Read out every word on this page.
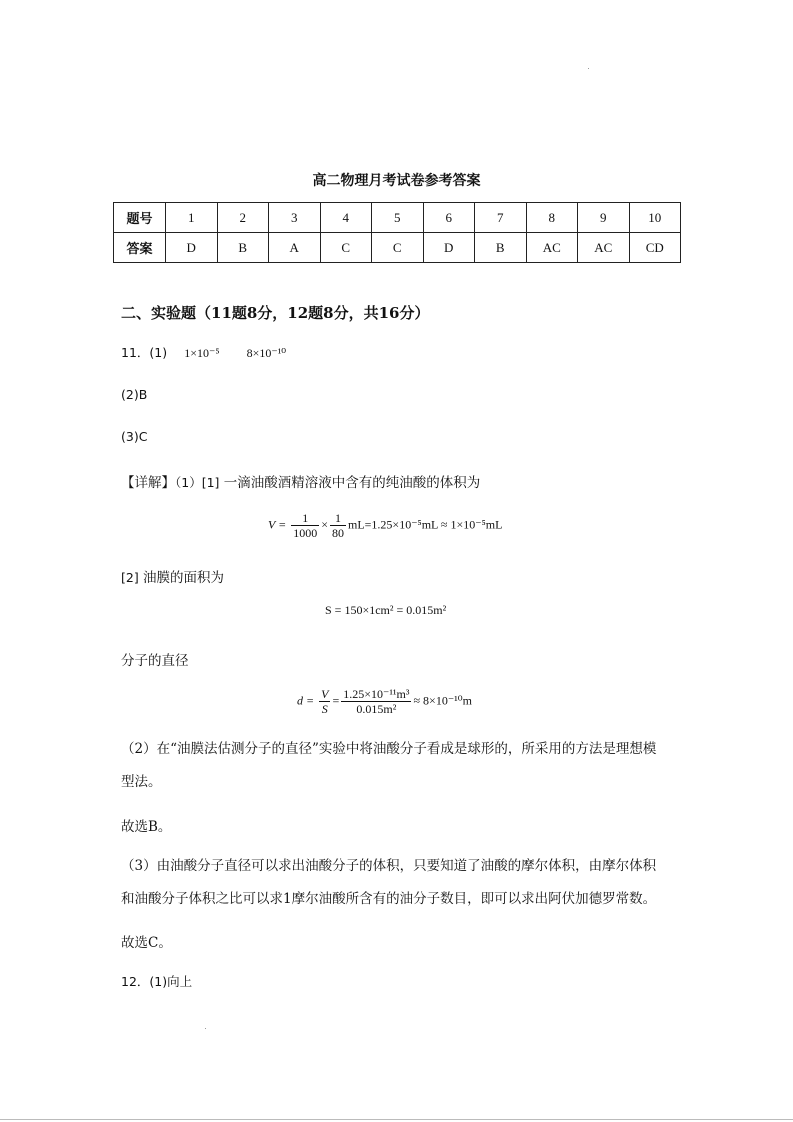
高二物理月考试卷参考答案
题号	1	2	3	4	5	6	7	8	9	10
答案	D	B	A	C	C	D	B	AC	AC	CD
二、实验题（11题8分，12题8分，共16分）
11．(1) 1×10⁻⁵ 8×10⁻¹⁰
(2)B
(3)C
【详解】（1）[1] 一滴油酸酒精溶液中含有的纯油酸的体积为
$V = \frac{1}{1000} \times \frac{1}{80} mL=1.25\times 10^{-5}mL \approx 1\times 10^{-5}mL$
[2] 油膜的面积为
S = 150×1cm² = 0.015m²
分子的直径
$d = \frac{V}{S} = \frac{\text{1.25×10⁻¹¹m³}}{\text{0.015m²}} \approx 8\times 10^{-10}m$
（2）在“油膜法估测分子的直径”实验中将油酸分子看成是球形的，所采用的方法是理想模
型法。
故选B。
（3）由油酸分子直径可以求出油酸分子的体积，只要知道了油酸的摩尔体积，由摩尔体积
和油酸分子体积之比可以求1摩尔油酸所含有的油分子数目，即可以求出阿伏加德罗常数。
故选C。
12．(1)向上
